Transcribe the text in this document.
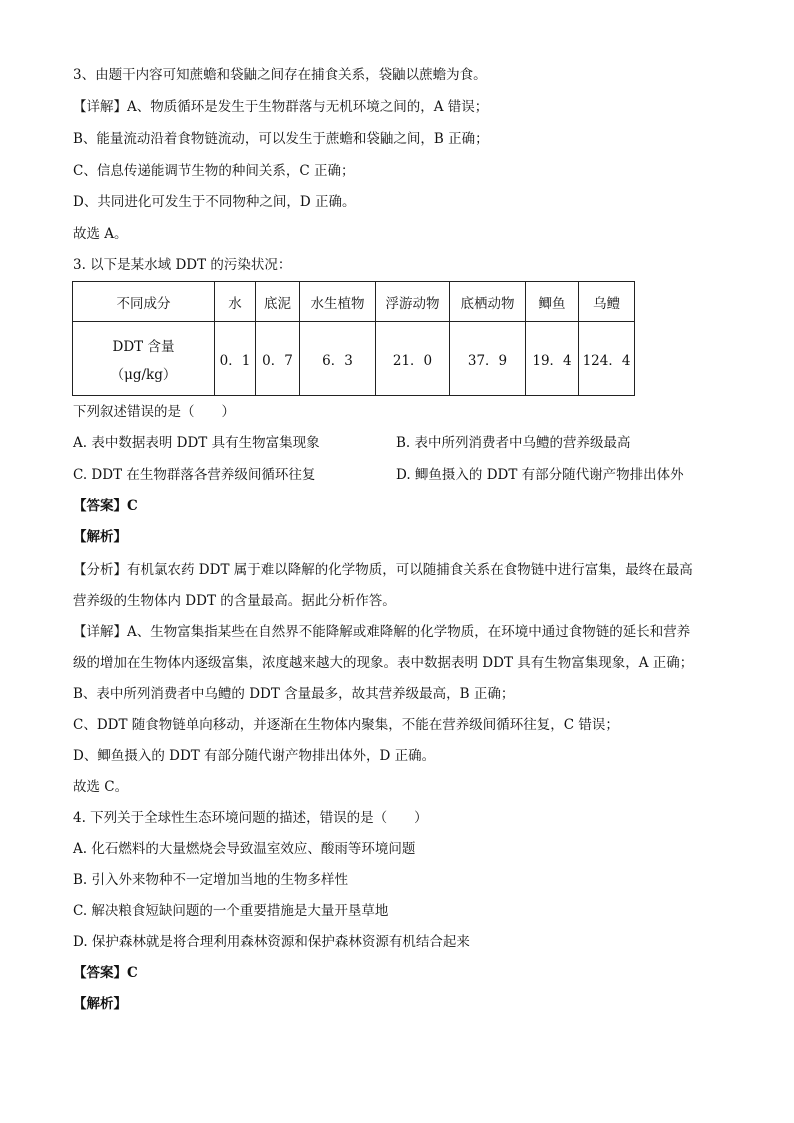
3、由题干内容可知蔗蟾和袋鼬之间存在捕食关系，袋鼬以蔗蟾为食。
【详解】A、物质循环是发生于生物群落与无机环境之间的，A 错误；
B、能量流动沿着食物链流动，可以发生于蔗蟾和袋鼬之间，B 正确；
C、信息传递能调节生物的种间关系，C 正确；
D、共同进化可发生于不同物种之间，D 正确。
故选 A。
3. 以下是某水域 DDT 的污染状况：
不同成分	水	底泥	水生植物	浮游动物	底栖动物	鲫鱼	乌鳢
DDT 含量
（μg/kg）	0．1	0．7	6．3	21．0	37．9	19．4	124．4
下列叙述错误的是（　　）
A. 表中数据表明 DDT 具有生物富集现象	B. 表中所列消费者中乌鳢的营养级最高
C. DDT 在生物群落各营养级间循环往复	D. 鲫鱼摄入的 DDT 有部分随代谢产物排出体外
【答案】C
【解析】
【分析】有机氯农药 DDT 属于难以降解的化学物质，可以随捕食关系在食物链中进行富集，最终在最高
营养级的生物体内 DDT 的含量最高。据此分析作答。
【详解】A、生物富集指某些在自然界不能降解或难降解的化学物质，在环境中通过食物链的延长和营养
级的增加在生物体内逐级富集，浓度越来越大的现象。表中数据表明 DDT 具有生物富集现象，A 正确；
B、表中所列消费者中乌鳢的 DDT 含量最多，故其营养级最高，B 正确；
C、DDT 随食物链单向移动，并逐渐在生物体内聚集，不能在营养级间循环往复，C 错误；
D、鲫鱼摄入的 DDT 有部分随代谢产物排出体外，D 正确。
故选 C。
4. 下列关于全球性生态环境问题的描述，错误的是（　　）
A. 化石燃料的大量燃烧会导致温室效应、酸雨等环境问题
B. 引入外来物种不一定增加当地的生物多样性
C. 解决粮食短缺问题的一个重要措施是大量开垦草地
D. 保护森林就是将合理利用森林资源和保护森林资源有机结合起来
【答案】C
【解析】
